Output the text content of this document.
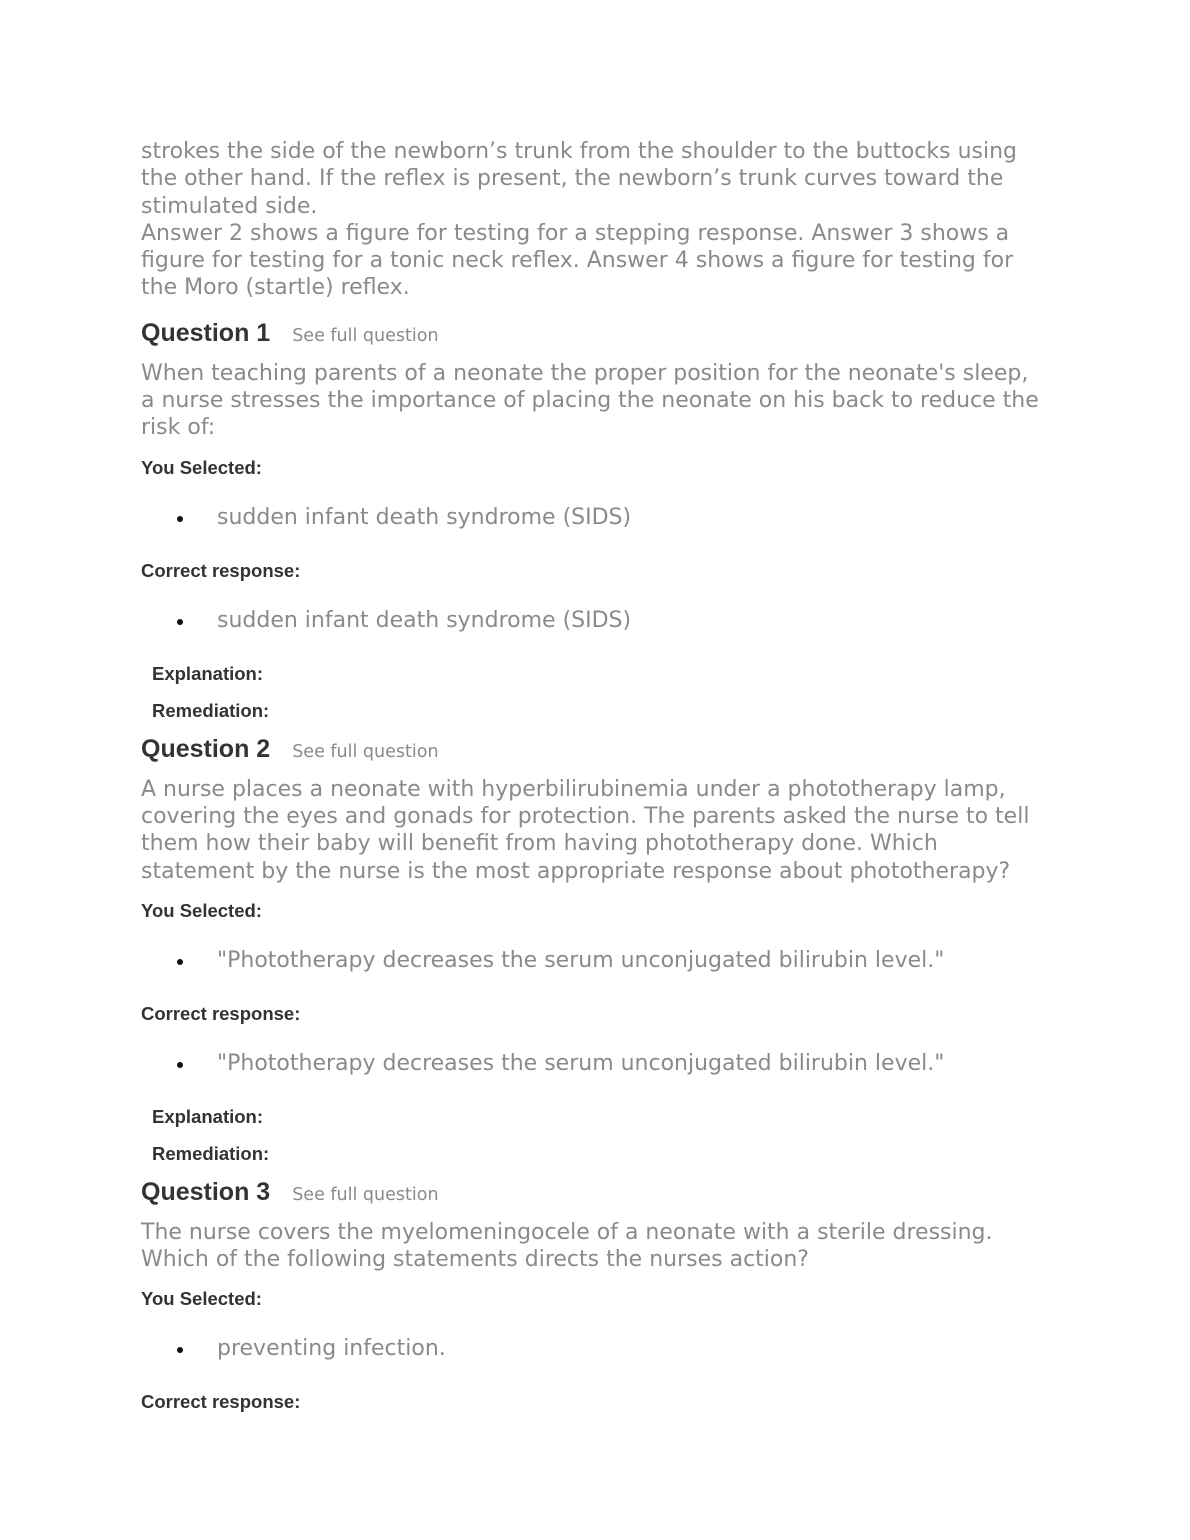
strokes the side of the newborn’s trunk from the shoulder to the buttocks using the other hand. If the reflex is present, the newborn’s trunk curves toward the stimulated side.

Answer 2 shows a figure for testing for a stepping response. Answer 3 shows a figure for testing for a tonic neck reflex. Answer 4 shows a figure for testing for the Moro (startle) reflex.

Question 1 See full question

When teaching parents of a neonate the proper position for the neonate's sleep, a nurse stresses the importance of placing the neonate on his back to reduce the risk of:

You Selected:

sudden infant death syndrome (SIDS)

Correct response:

sudden infant death syndrome (SIDS)

Explanation:

Remediation:

Question 2 See full question

A nurse places a neonate with hyperbilirubinemia under a phototherapy lamp, covering the eyes and gonads for protection. The parents asked the nurse to tell them how their baby will benefit from having phototherapy done. Which statement by the nurse is the most appropriate response about phototherapy?

You Selected:

"Phototherapy decreases the serum unconjugated bilirubin level."

Correct response:

"Phototherapy decreases the serum unconjugated bilirubin level."

Explanation:

Remediation:

Question 3 See full question

The nurse covers the myelomeningocele of a neonate with a sterile dressing. Which of the following statements directs the nurses action?

You Selected:

preventing infection.

Correct response:
